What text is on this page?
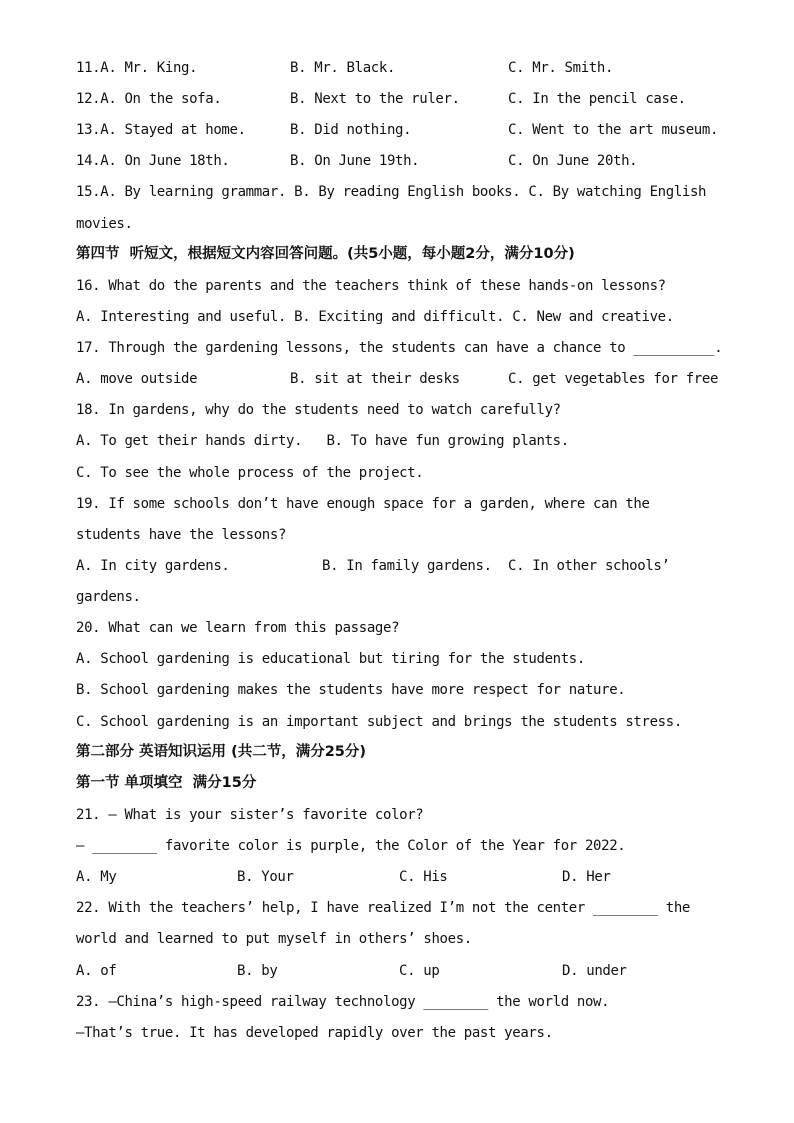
11.A. Mr. King.	B. Mr. Black.	C. Mr. Smith.
12.A. On the sofa.	B. Next to the ruler.	C. In the pencil case.
13.A. Stayed at home.	B. Did nothing.	C. Went to the art museum.
14.A. On June 18th.	B. On June 19th.	C. On June 20th.
15.A. By learning grammar. B. By reading English books. C. By watching English
movies.
第四节  听短文，根据短文内容回答问题。(共5小题，每小题2分，满分10分)
16. What do the parents and the teachers think of these hands-on lessons?
A. Interesting and useful. B. Exciting and difficult. C. New and creative.
17. Through the gardening lessons, the students can have a chance to __________.
A. move outside	B. sit at their desks	C. get vegetables for free
18. In gardens, why do the students need to watch carefully?
A. To get their hands dirty.   B. To have fun growing plants.
C. To see the whole process of the project.
19. If some schools don’t have enough space for a garden, where can the
students have the lessons?
A. In city gardens.	B. In family gardens. C. In other schools’
gardens.
20. What can we learn from this passage?
A. School gardening is educational but tiring for the students.
B. School gardening makes the students have more respect for nature.
C. School gardening is an important subject and brings the students stress.
第二部分 英语知识运用 (共二节，满分25分)
第一节 单项填空  满分15分
21. — What is your sister’s favorite color?
— ________ favorite color is purple, the Color of the Year for 2022.
A. My	B. Your	C. His	D. Her
22. With the teachers’ help, I have realized I’m not the center ________ the
world and learned to put myself in others’ shoes.
A. of	B. by	C. up	D. under
23. —China’s high-speed railway technology ________ the world now.
—That’s true. It has developed rapidly over the past years.
